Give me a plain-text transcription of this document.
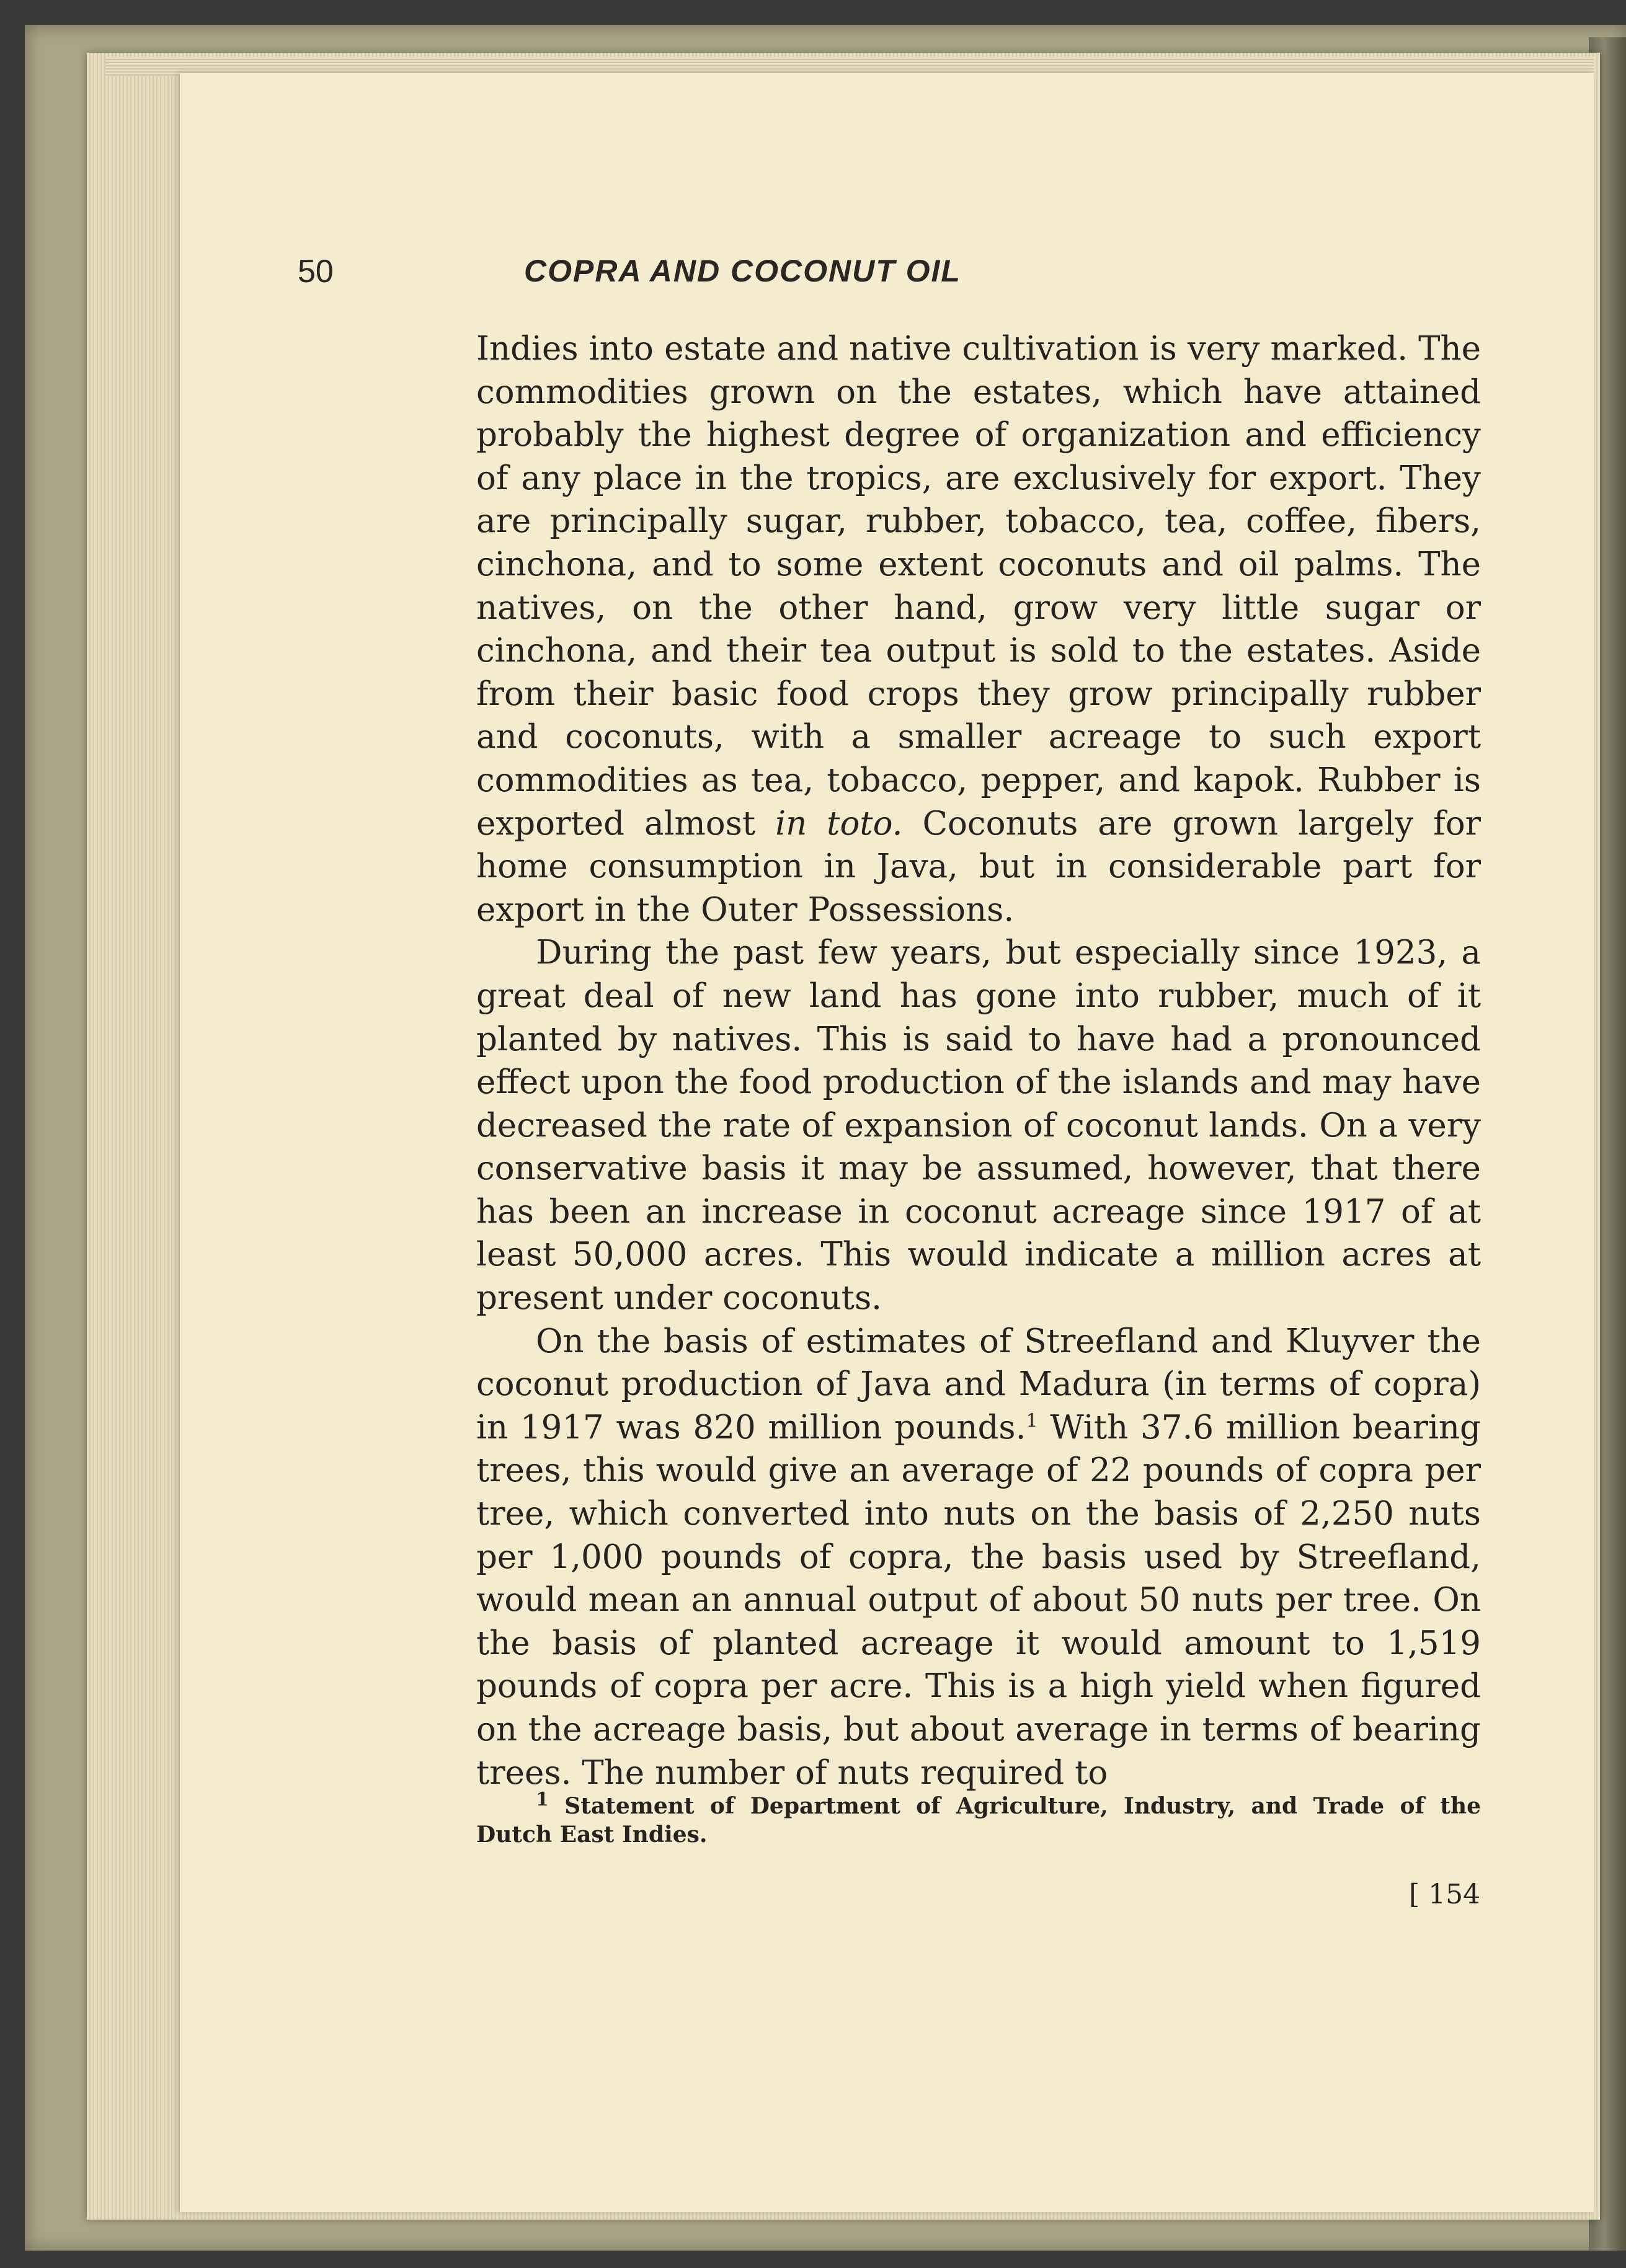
50	COPRA AND COCONUT OIL

Indies into estate and native cultivation is very marked. The commodities grown on the estates, which have attained probably the highest degree of organization and efficiency of any place in the tropics, are exclusively for export. They are principally sugar, rubber, tobacco, tea, coffee, fibers, cinchona, and to some extent coconuts and oil palms. The natives, on the other hand, grow very little sugar or cinchona, and their tea output is sold to the estates. Aside from their basic food crops they grow principally rubber and coconuts, with a smaller acreage to such export commodities as tea, tobacco, pepper, and kapok. Rubber is exported almost in toto. Coconuts are grown largely for home consumption in Java, but in considerable part for export in the Outer Possessions.

During the past few years, but especially since 1923, a great deal of new land has gone into rubber, much of it planted by natives. This is said to have had a pronounced effect upon the food production of the islands and may have decreased the rate of expansion of coconut lands. On a very conservative basis it may be assumed, however, that there has been an increase in coconut acreage since 1917 of at least 50,000 acres. This would indicate a million acres at present under coconuts.

On the basis of estimates of Streefland and Kluyver the coconut production of Java and Madura (in terms of copra) in 1917 was 820 million pounds.$^1$ With 37.6 million bearing trees, this would give an average of 22 pounds of copra per tree, which converted into nuts on the basis of 2,250 nuts per 1,000 pounds of copra, the basis used by Streefland, would mean an annual output of about 50 nuts per tree. On the basis of planted acreage it would amount to 1,519 pounds of copra per acre. This is a high yield when figured on the acreage basis, but about average in terms of bearing trees. The number of nuts required to

$^1$ Statement of Department of Agriculture, Industry, and Trade of the Dutch East Indies.
[ 154
